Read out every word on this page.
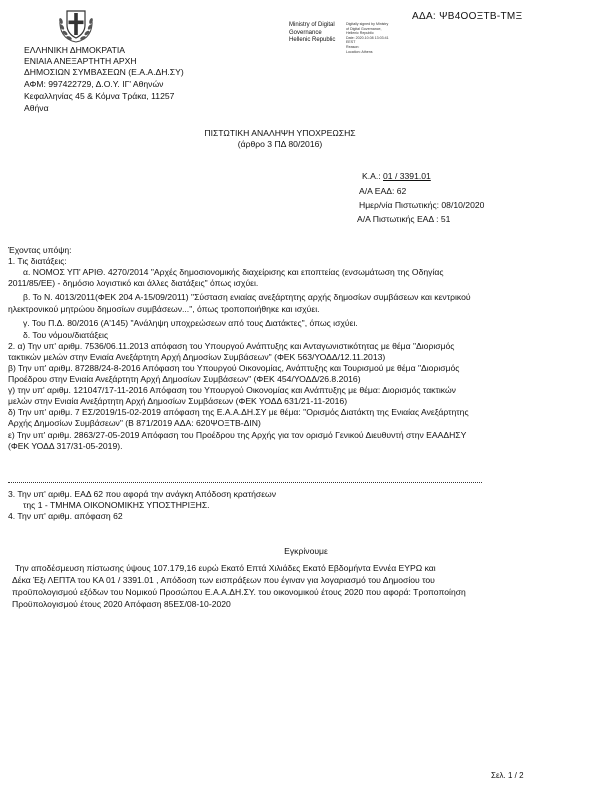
ΑΔΑ: ΨΒ4ΟΟΞΤΒ-ΤΜΞ
Ministry of Digital
Governance
Hellenic Republic
Digitally signed by Ministry
of Digital Governance,
Hellenic Republic
Date: 2020.10.08 13:03:41
EEST
Reason:
Location: Athens
ΕΛΛΗΝΙΚΗ ΔΗΜΟΚΡΑΤΙΑ
ΕΝΙΑΙΑ ΑΝΕΞΑΡΤΗΤΗ ΑΡΧΗ
ΔΗΜΟΣΙΩΝ ΣΥΜΒΑΣΕΩΝ (Ε.Α.Α.ΔΗ.ΣΥ)
ΑΦΜ: 997422729, Δ.Ο.Υ. ΙΓ' Αθηνών
Κεφαλληνίας 45 & Κόμνα Τράκα, 11257
Αθήνα
ΠΙΣΤΩΤΙΚΗ ΑΝΑΛΗΨΗ ΥΠΟΧΡΕΩΣΗΣ
(άρθρο 3 ΠΔ 80/2016)
Κ.Α.: 01 / 3391.01
Α/Α ΕΑΔ: 62
Ημερ/νία Πιστωτικής: 08/10/2020
Α/Α Πιστωτικής ΕΑΔ : 51
Έχοντας υπόψη:
1. Τις διατάξεις:
α. ΝΟΜΟΣ ΥΠ' ΑΡΙΘ. 4270/2014 "Αρχές δημοσιονομικής διαχείρισης και εποπτείας (ενσωμάτωση της Οδηγίας
2011/85/ΕΕ) - δημόσιο λογιστικό και άλλες διατάξεις" όπως ισχύει.
β. Το Ν. 4013/2011(ΦΕΚ 204 Α-15/09/2011) "Σύσταση ενιαίας ανεξάρτητης αρχής δημοσίων συμβάσεων και κεντρικού
ηλεκτρονικού μητρώου δημοσίων συμβάσεων...", όπως τροποποιήθηκε και ισχύει.
γ. Του Π.Δ. 80/2016 (Α'145) "Ανάληψη υποχρεώσεων από τους Διατάκτες", όπως ισχύει.
δ. Του νόμου/διατάξεις
2. α) Την υπ' αριθμ. 7536/06.11.2013 απόφαση του Υπουργού Ανάπτυξης και Ανταγωνιστικότητας με θέμα "Διορισμός
τακτικών μελών στην Ενιαία Ανεξάρτητη Αρχή Δημοσίων Συμβάσεων" (ΦΕΚ 563/ΥΟΔΔ/12.11.2013)
β) Την υπ' αριθμ. 87288/24-8-2016 Απόφαση του Υπουργού Οικονομίας, Ανάπτυξης και Τουρισμού με θέμα "Διορισμός
Προέδρου στην Ενιαία Ανεξάρτητη Αρχή Δημοσίων Συμβάσεων" (ΦΕΚ 454/ΥΟΔΔ/26.8.2016)
γ) την υπ' αριθμ. 121047/17-11-2016 Απόφαση του Υπουργού Οικονομίας και Ανάπτυξης με θέμα: Διορισμός τακτικών
μελών στην Ενιαία Ανεξάρτητη Αρχή Δημοσίων Συμβάσεων (ΦΕΚ ΥΟΔΔ 631/21-11-2016)
δ) Την υπ' αριθμ. 7 ΕΣ/2019/15-02-2019 απόφαση της Ε.Α.Α.ΔΗ.ΣΥ με θέμα: "Ορισμός Διατάκτη της Ενιαίας Ανεξάρτητης
Αρχής Δημοσίων Συμβάσεων" (Β 871/2019 ΑΔΑ: 620ΨΟΞΤΒ-ΔΙΝ)
ε) Την υπ' αριθμ. 2863/27-05-2019 Απόφαση του Προέδρου της Αρχής για τον ορισμό Γενικού Διευθυντή στην ΕΑΑΔΗΣΥ
(ΦΕΚ ΥΟΔΔ 317/31-05-2019).
3. Την υπ' αριθμ. ΕΑΔ 62 που αφορά την ανάγκη Απόδοση κρατήσεων
της 1 - ΤΜΗΜΑ ΟΙΚΟΝΟΜΙΚΗΣ ΥΠΟΣΤΗΡΙΞΗΣ.
4. Την υπ' αριθμ. απόφαση 62
Εγκρίνουμε
Την αποδέσμευση πίστωσης ύψους 107.179,16 ευρώ Εκατό Επτά Χιλιάδες Εκατό Εβδομήντα Εννέα ΕΥΡΩ και
Δέκα Έξι ΛΕΠΤΑ του ΚΑ 01 / 3391.01 , Απόδοση των εισπράξεων που έγιναν για λογαριασμό του Δημοσίου του
προϋπολογισμού εξόδων του Νομικού Προσώπου Ε.Α.Α.ΔΗ.ΣΥ. του οικονομικού έτους 2020 που αφορά: Τροποποίηση
Προϋπολογισμού έτους 2020 Απόφαση 85ΕΣ/08-10-2020
Σελ. 1 / 2
